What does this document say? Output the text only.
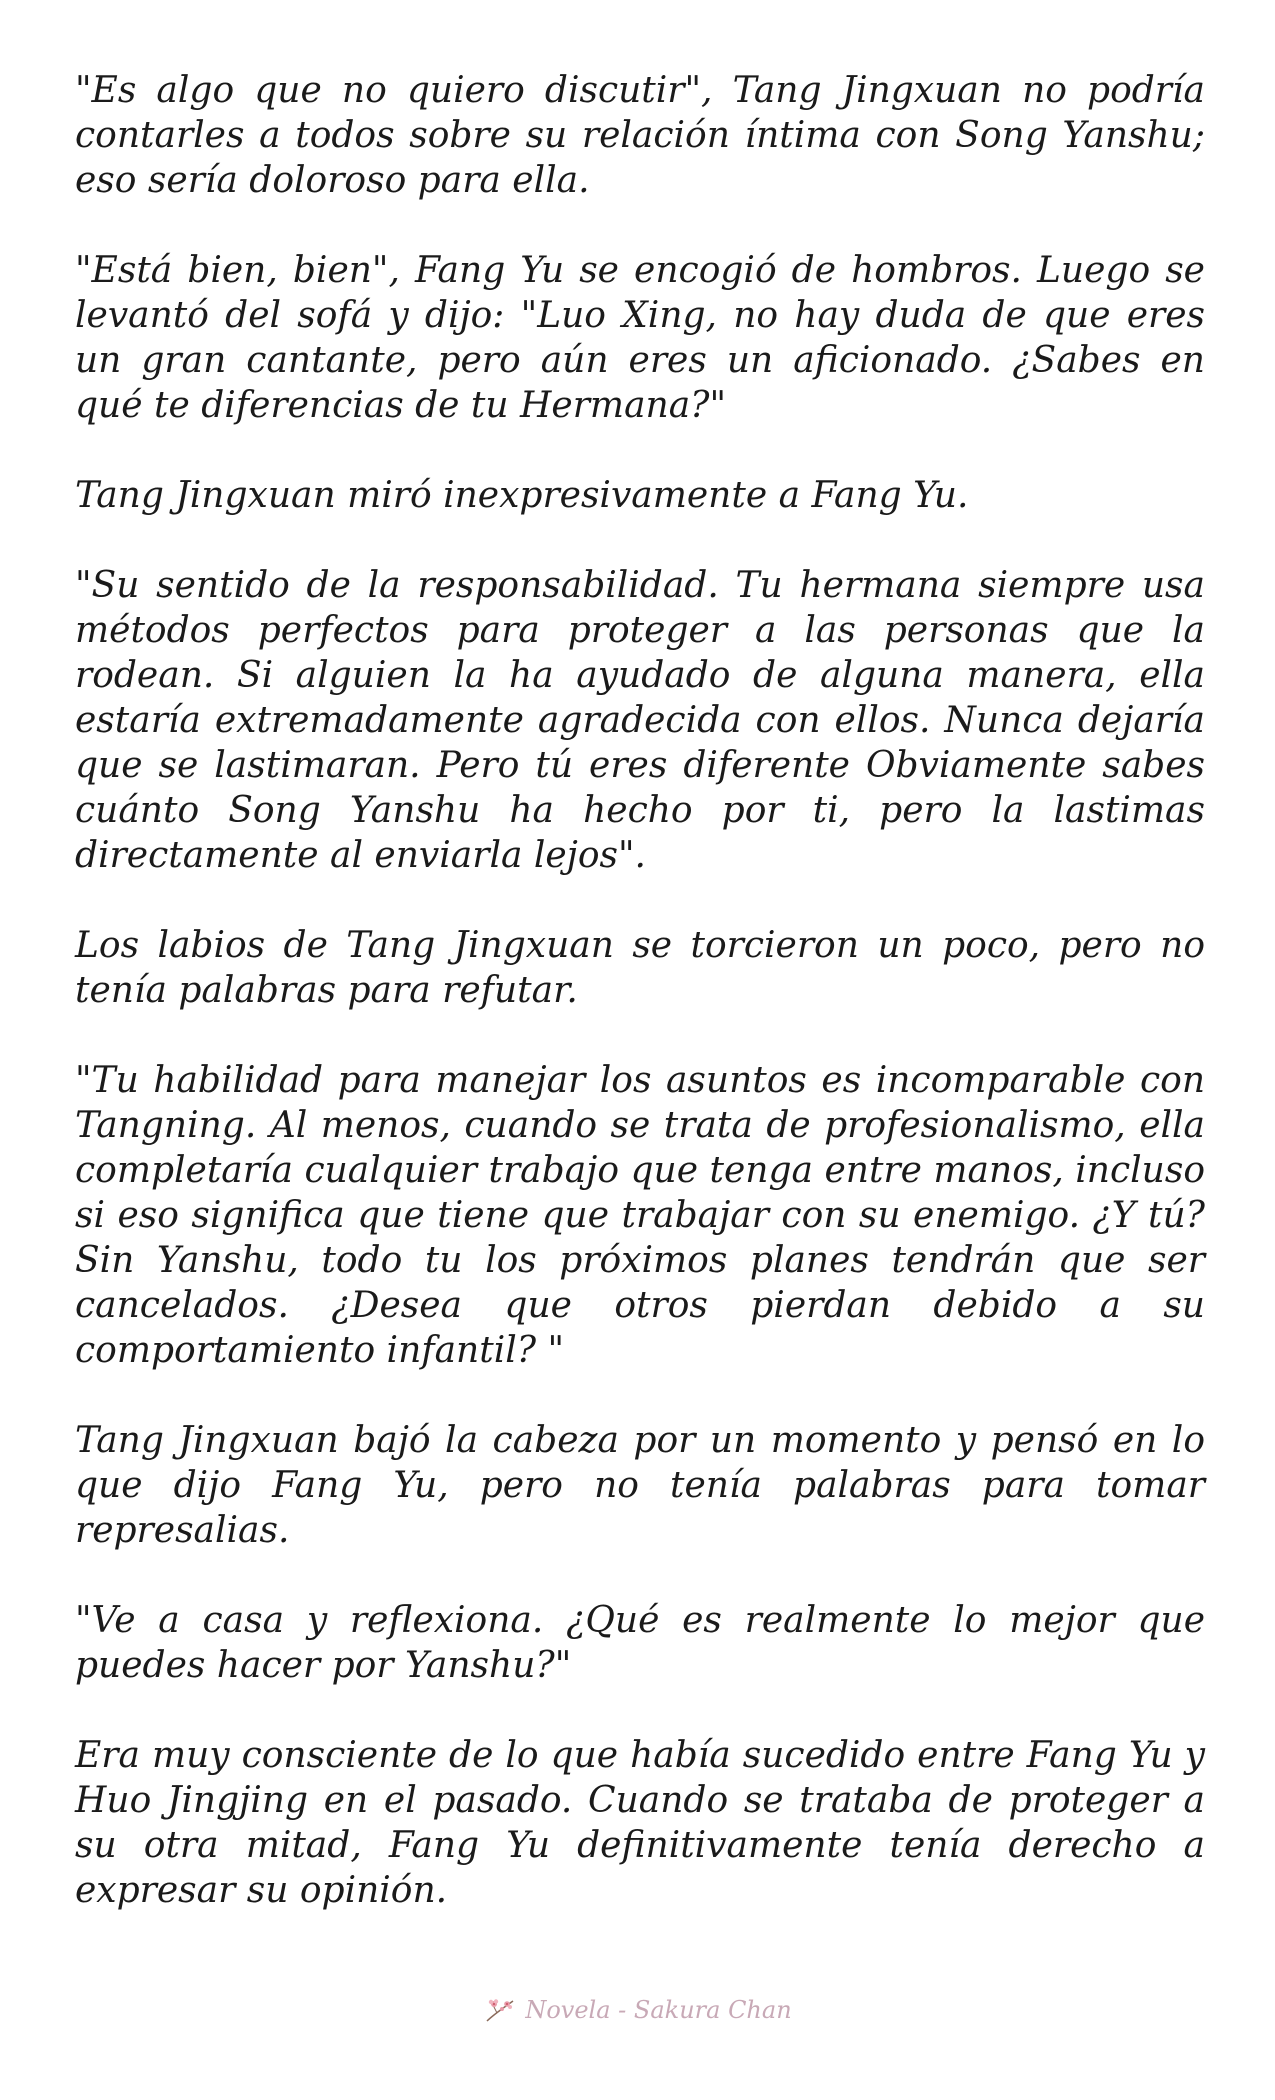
"Es algo que no quiero discutir", Tang Jingxuan no podría contarles a todos sobre su relación íntima con Song Yanshu; eso sería doloroso para ella.

"Está bien, bien", Fang Yu se encogió de hombros. Luego se levantó del sofá y dijo: "Luo Xing, no hay duda de que eres un gran cantante, pero aún eres un aficionado. ¿Sabes en qué te diferencias de tu Hermana?"

Tang Jingxuan miró inexpresivamente a Fang Yu.

"Su sentido de la responsabilidad. Tu hermana siempre usa métodos perfectos para proteger a las personas que la rodean. Si alguien la ha ayudado de alguna manera, ella estaría extremadamente agradecida con ellos. Nunca dejaría que se lastimaran. Pero tú eres diferente Obviamente sabes cuánto Song Yanshu ha hecho por ti, pero la lastimas directamente al enviarla lejos".

Los labios de Tang Jingxuan se torcieron un poco, pero no tenía palabras para refutar.

"Tu habilidad para manejar los asuntos es incomparable con Tangning. Al menos, cuando se trata de profesionalismo, ella completaría cualquier trabajo que tenga entre manos, incluso si eso significa que tiene que trabajar con su enemigo. ¿Y tú? Sin Yanshu, todo tu los próximos planes tendrán que ser cancelados. ¿Desea que otros pierdan debido a su comportamiento infantil? "

Tang Jingxuan bajó la cabeza por un momento y pensó en lo que dijo Fang Yu, pero no tenía palabras para tomar represalias.

"Ve a casa y reflexiona. ¿Qué es realmente lo mejor que puedes hacer por Yanshu?"

Era muy consciente de lo que había sucedido entre Fang Yu y Huo Jingjing en el pasado. Cuando se trataba de proteger a su otra mitad, Fang Yu definitivamente tenía derecho a expresar su opinión.

Novela - Sakura Chan
